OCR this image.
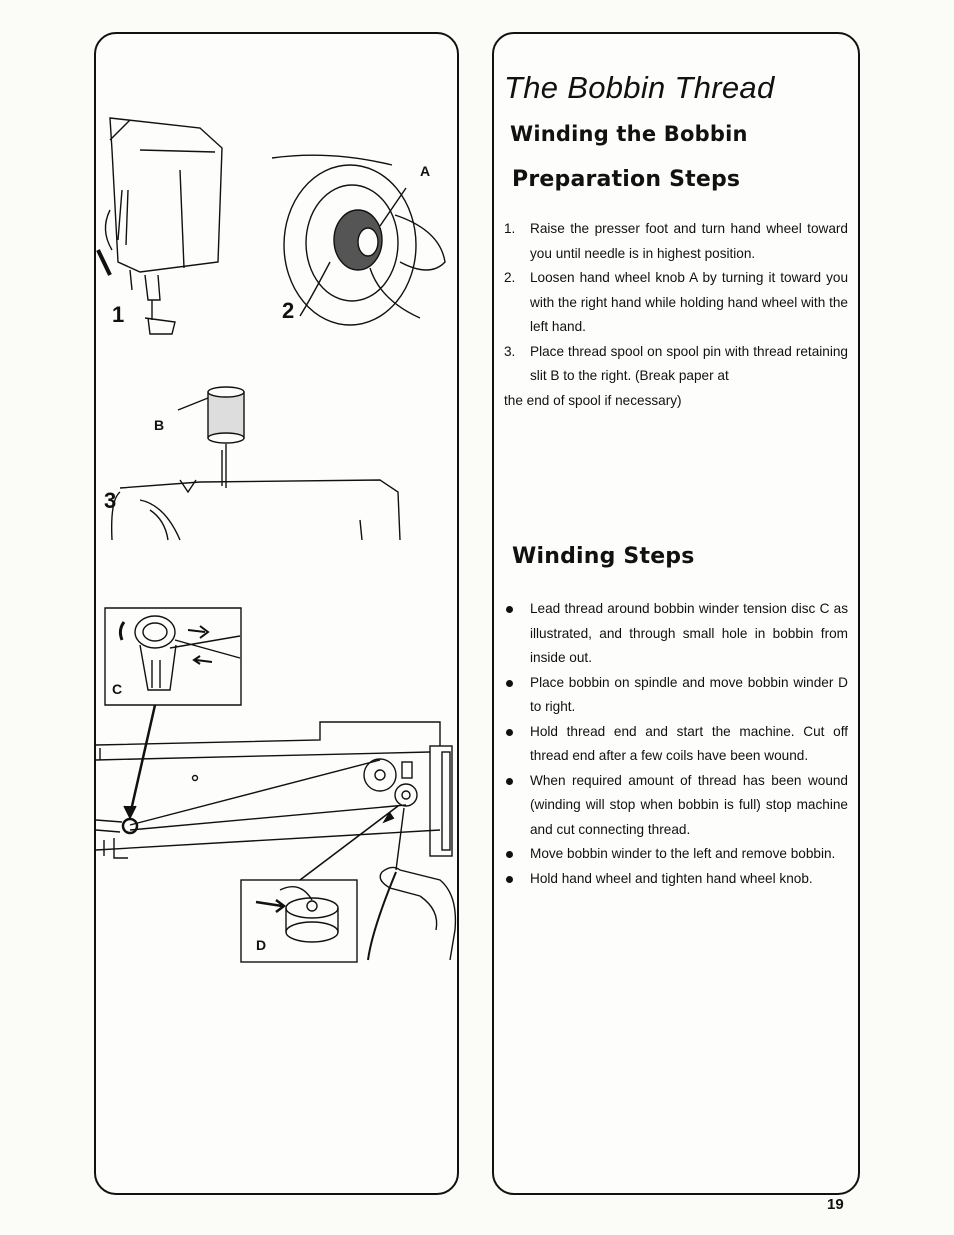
1
A
2
B
3
C
D
The Bobbin Thread
Winding the Bobbin
Preparation Steps
1. Raise the presser foot and turn hand wheel toward you until needle is in highest position.
2. Loosen hand wheel knob A by turning it toward you with the right hand while holding hand wheel with the left hand.
3. Place thread spool on spool pin with thread retaining slit B to the right. (Break paper at
the end of spool if necessary)
Winding Steps
Lead thread around bobbin winder tension disc C as illustrated, and through small hole in bobbin from inside out.
Place bobbin on spindle and move bobbin winder D to right.
Hold thread end and start the machine. Cut off thread end after a few coils have been wound.
When required amount of thread has been wound (winding will stop when bobbin is full) stop machine and cut connecting thread.
Move bobbin winder to the left and remove bobbin.
Hold hand wheel and tighten hand wheel knob.
19
